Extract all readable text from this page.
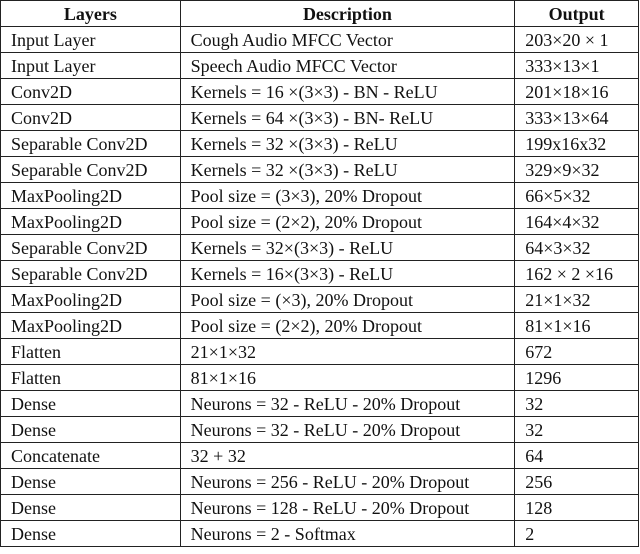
Layers	Description	Output
Input Layer	Cough Audio MFCC Vector	203×20 × 1
Input Layer	Speech Audio MFCC Vector	333×13×1
Conv2D	Kernels = 16 ×(3×3) - BN - ReLU	201×18×16
Conv2D	Kernels = 64 ×(3×3) - BN- ReLU	333×13×64
Separable Conv2D	Kernels = 32 ×(3×3) - ReLU	199x16x32
Separable Conv2D	Kernels = 32 ×(3×3) - ReLU	329×9×32
MaxPooling2D	Pool size = (3×3), 20% Dropout	66×5×32
MaxPooling2D	Pool size = (2×2), 20% Dropout	164×4×32
Separable Conv2D	Kernels = 32×(3×3) - ReLU	64×3×32
Separable Conv2D	Kernels = 16×(3×3) - ReLU	162 × 2 ×16
MaxPooling2D	Pool size = (×3), 20% Dropout	21×1×32
MaxPooling2D	Pool size = (2×2), 20% Dropout	81×1×16
Flatten	21×1×32	672
Flatten	81×1×16	1296
Dense	Neurons = 32 - ReLU - 20% Dropout	32
Dense	Neurons = 32 - ReLU - 20% Dropout	32
Concatenate	32 + 32	64
Dense	Neurons = 256 - ReLU - 20% Dropout	256
Dense	Neurons = 128 - ReLU - 20% Dropout	128
Dense	Neurons = 2 - Softmax	2
